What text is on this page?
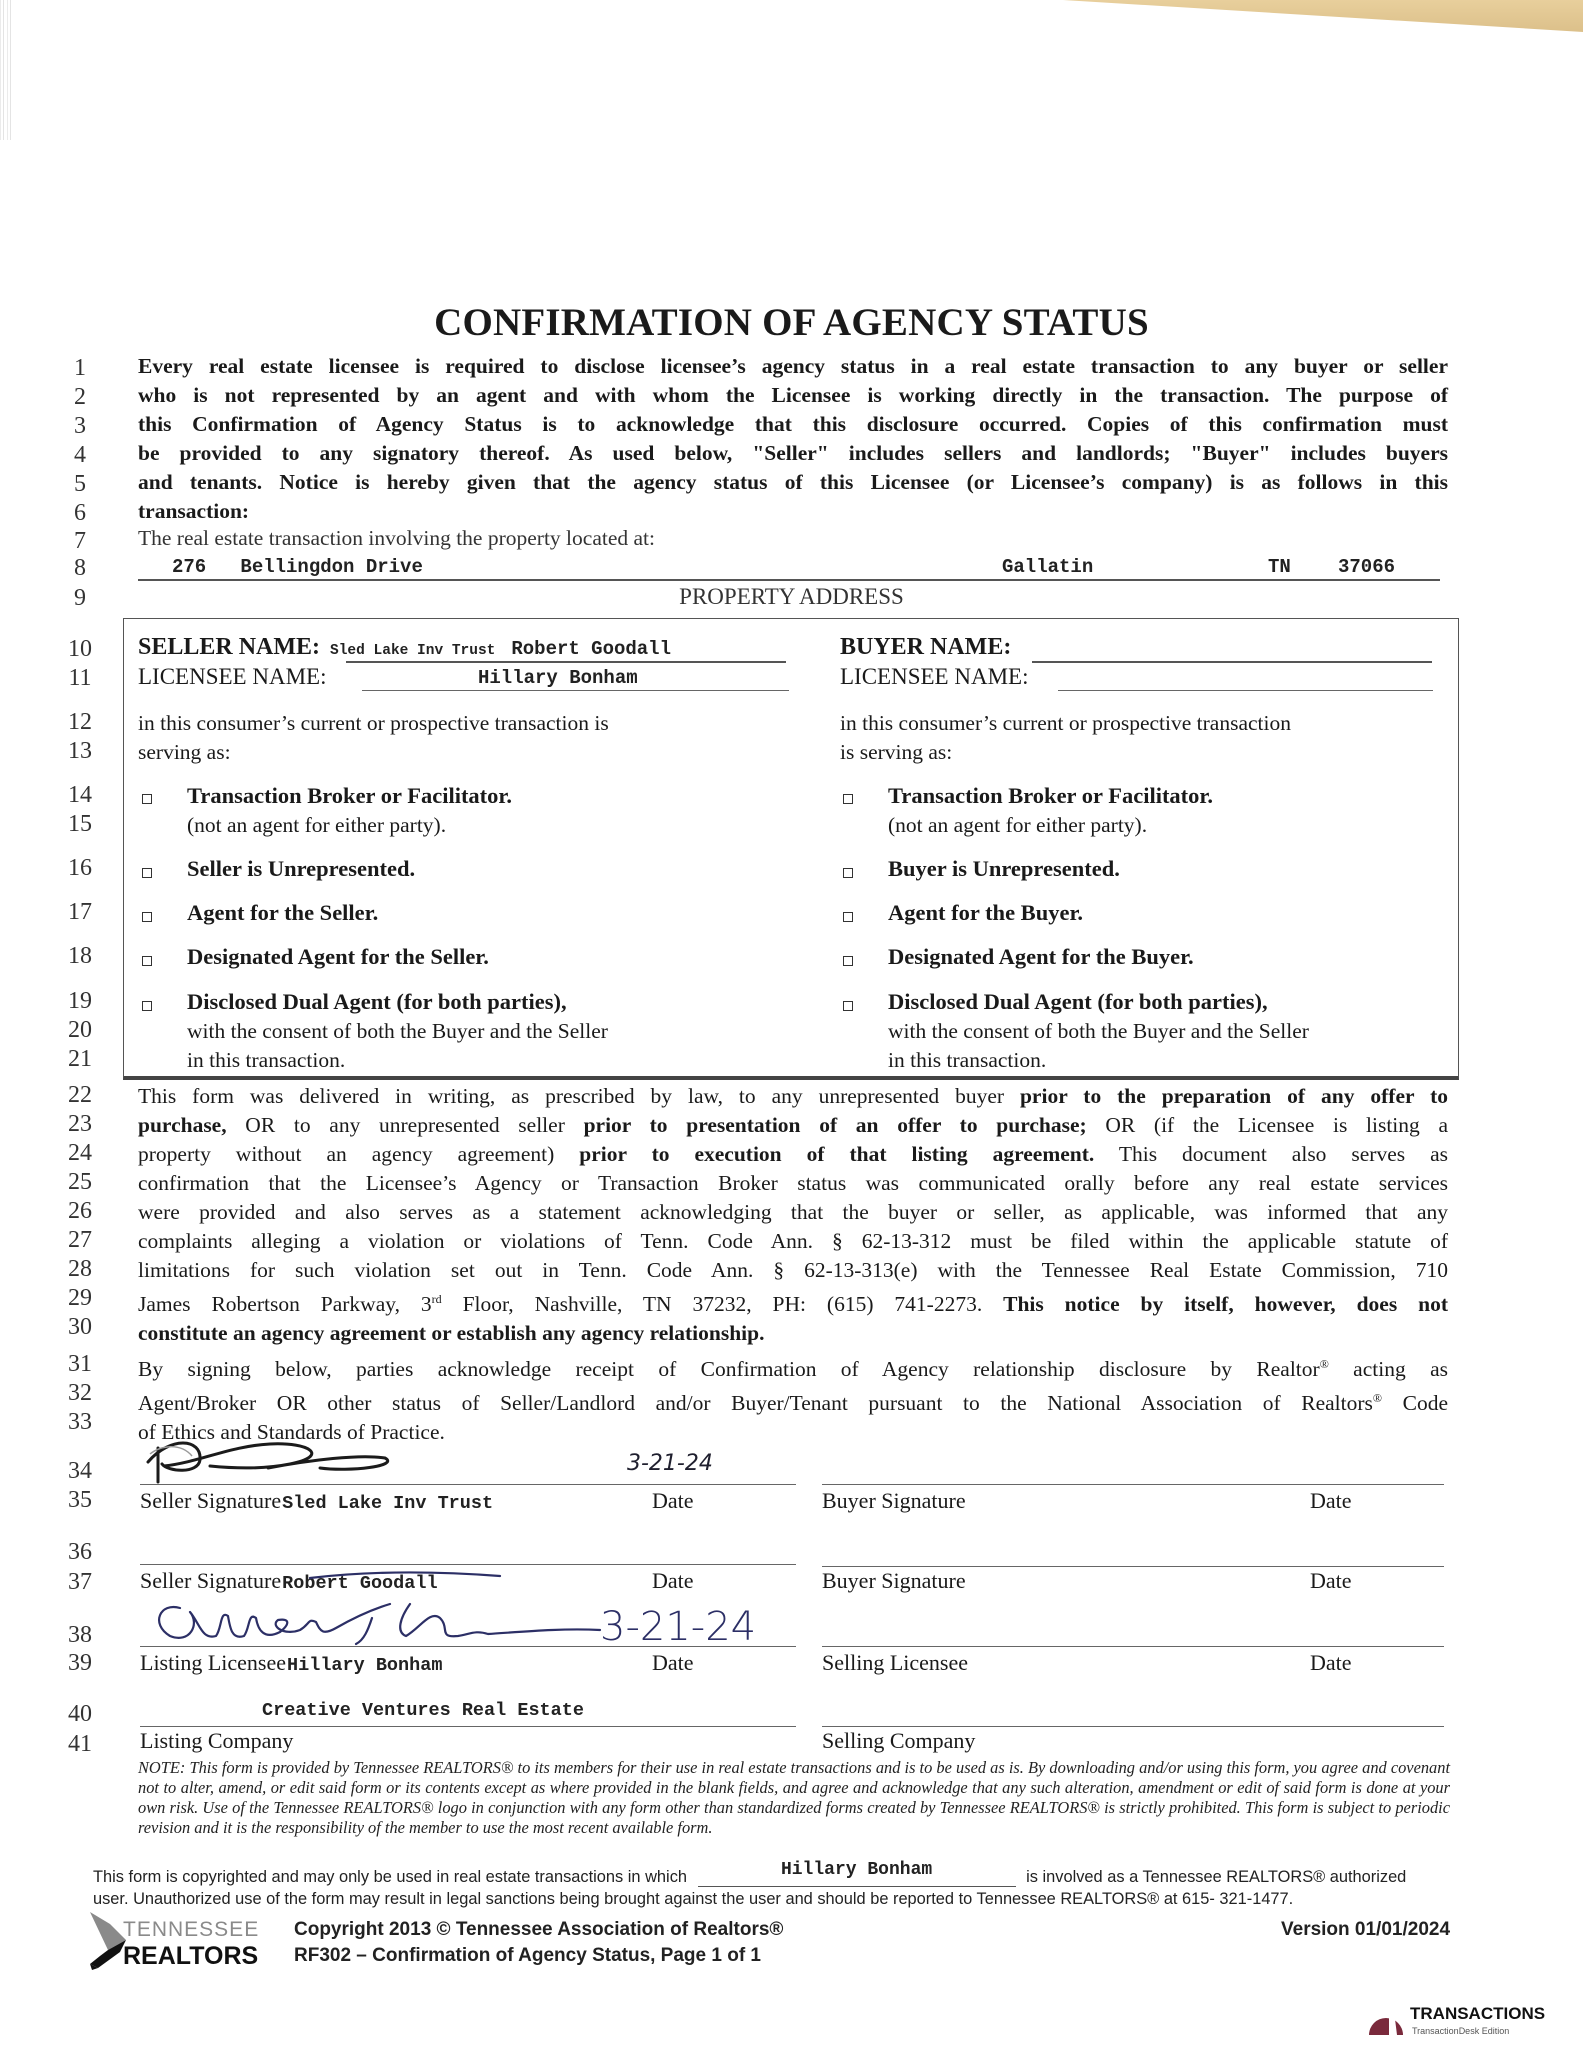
CONFIRMATION OF AGENCY STATUS
1
2
3
4
5
6
7
8
9
10
11
12
13
14
15
16
17
18
19
20
21
22
23
24
25
26
27
28
29
30
31
32
33
34
35
36
37
38
39
40
41
Every real estate licensee is required to disclose licensee’s agency status in a real estate transaction to any buyer or seller
who is not represented by an agent and with whom the Licensee is working directly in the transaction. The purpose of
this Confirmation of Agency Status is to acknowledge that this disclosure occurred. Copies of this confirmation must
be provided to any signatory thereof. As used below, "Seller" includes sellers and landlords; "Buyer" includes buyers
and tenants. Notice is hereby given that the agency status of this Licensee (or Licensee’s company) is as follows in this
transaction:
The real estate transaction involving the property located at:
276   Bellingdon Drive	Gallatin	TN 37066
PROPERTY ADDRESS
SELLER NAME: Sled Lake Inv Trust Robert Goodall
LICENSEE NAME:	Hillary Bonham
in this consumer’s current or prospective transaction is
serving as:
Transaction Broker or Facilitator.
(not an agent for either party).
Seller is Unrepresented.
Agent for the Seller.
Designated Agent for the Seller.
Disclosed Dual Agent (for both parties),
with the consent of both the Buyer and the Seller
in this transaction.
BUYER NAME:
LICENSEE NAME:
in this consumer’s current or prospective transaction
is serving as:
Transaction Broker or Facilitator.
(not an agent for either party).
Buyer is Unrepresented.
Agent for the Buyer.
Designated Agent for the Buyer.
Disclosed Dual Agent (for both parties),
with the consent of both the Buyer and the Seller
in this transaction.
This form was delivered in writing, as prescribed by law, to any unrepresented buyer prior to the preparation of any offer to
purchase, OR to any unrepresented seller prior to presentation of an offer to purchase; OR (if the Licensee is listing a
property without an agency agreement) prior to execution of that listing agreement. This document also serves as
confirmation that the Licensee’s Agency or Transaction Broker status was communicated orally before any real estate services
were provided and also serves as a statement acknowledging that the buyer or seller, as applicable, was informed that any
complaints alleging a violation or violations of Tenn. Code Ann. § 62-13-312 must be filed within the applicable statute of
limitations for such violation set out in Tenn. Code Ann. § 62-13-313(e) with the Tennessee Real Estate Commission, 710
James Robertson Parkway, 3rd Floor, Nashville, TN 37232, PH: (615) 741-2273. This notice by itself, however, does not
constitute an agency agreement or establish any agency relationship.
By signing below, parties acknowledge receipt of Confirmation of Agency relationship disclosure by Realtor® acting as
Agent/Broker OR other status of Seller/Landlord and/or Buyer/Tenant pursuant to the National Association of Realtors® Code
of Ethics and Standards of Practice.
3-21-24
Seller SignatureSled Lake Inv Trust	Date	Buyer Signature	Date
Seller SignatureRobert Goodall	Date	Buyer Signature	Date
3-21-24
Listing LicenseeHillary Bonham	Date	Selling Licensee	Date
Creative Ventures Real Estate
Listing Company	Selling Company
NOTE: This form is provided by Tennessee REALTORS® to its members for their use in real estate transactions and is to be used as is. By downloading and/or using this form, you agree and covenant not to alter, amend, or edit said form or its contents except as where provided in the blank fields, and agree and acknowledge that any such alteration, amendment or edit of said form is done at your own risk. Use of the Tennessee REALTORS® logo in conjunction with any form other than standardized forms created by Tennessee REALTORS® is strictly prohibited. This form is subject to periodic revision and it is the responsibility of the member to use the most recent available form.
This form is copyrighted and may only be used in real estate transactions in which	Hillary Bonham	is involved as a Tennessee REALTORS® authorized
user. Unauthorized use of the form may result in legal sanctions being brought against the user and should be reported to Tennessee REALTORS® at 615- 321-1477.
TENNESSEE
REALTORS
Copyright 2013 © Tennessee Association of Realtors®
RF302 – Confirmation of Agency Status, Page 1 of 1
Version 01/01/2024
TRANSACTIONS
TransactionDesk Edition
